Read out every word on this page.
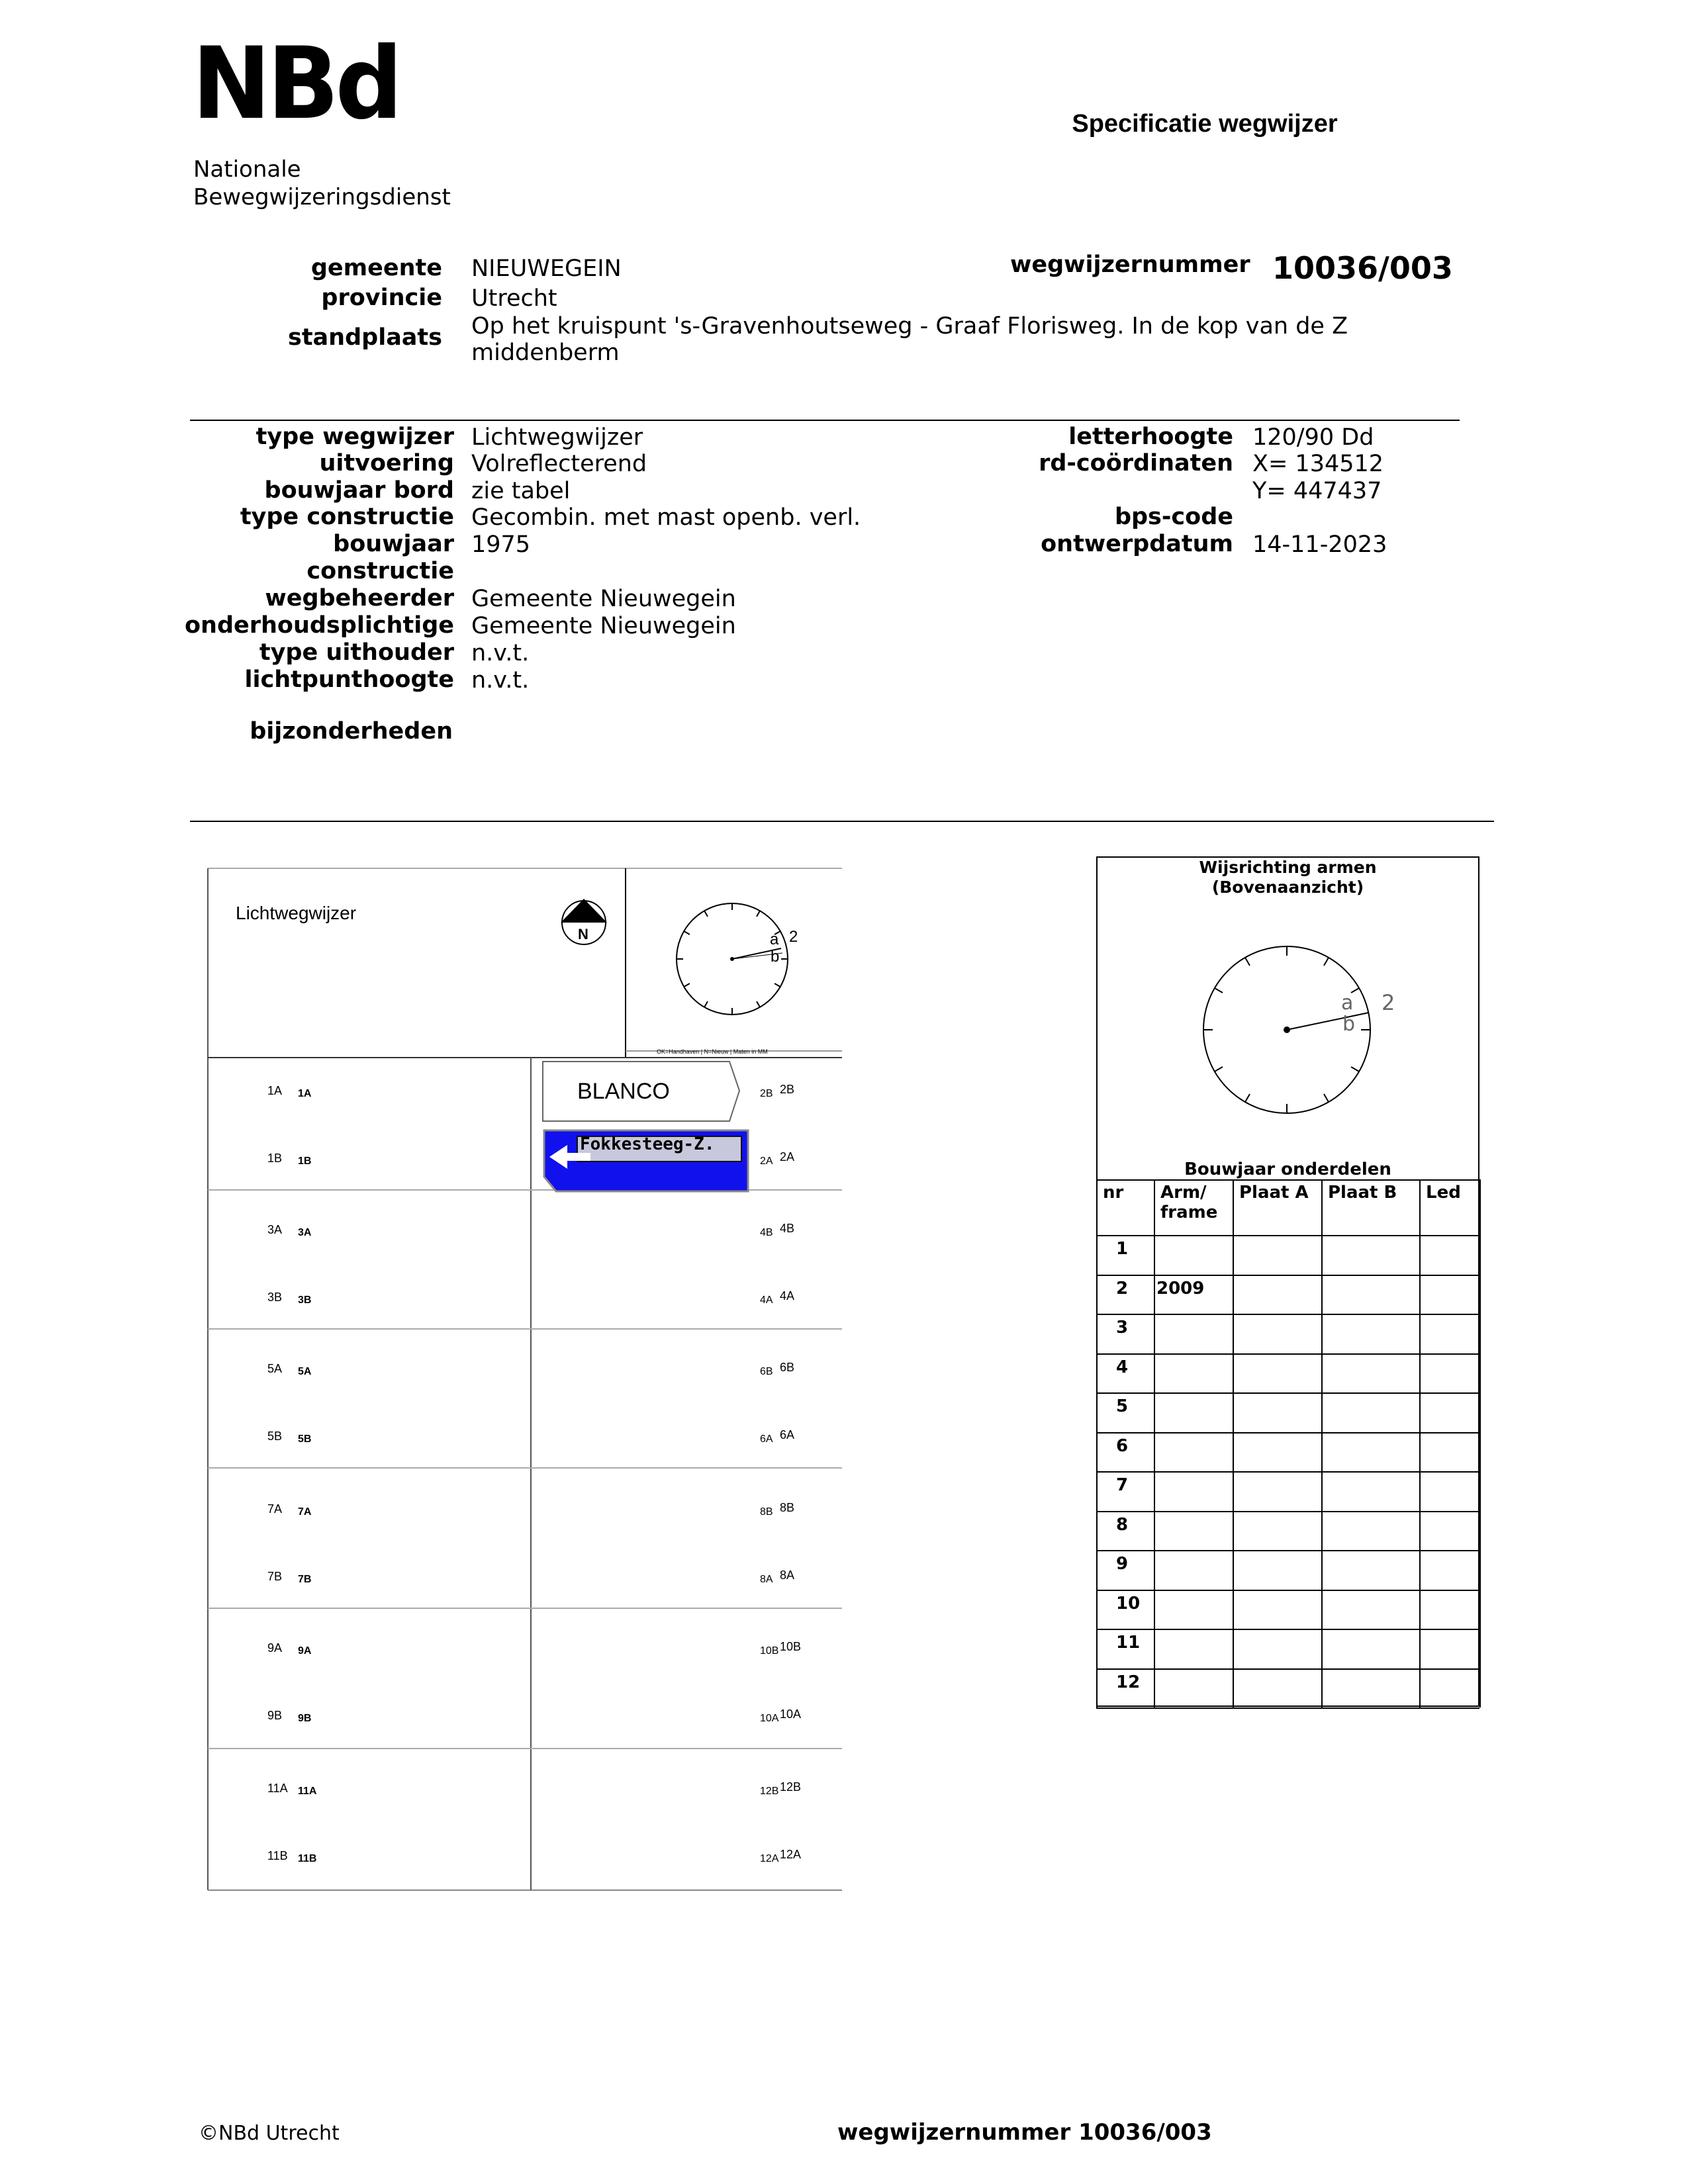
NBd
Nationale
Bewegwijzeringsdienst
Specificatie wegwijzer
gemeente NIEUWEGEIN
provincie Utrecht
standplaats Op het kruispunt 's-Gravenhoutseweg - Graaf Florisweg. In de kop van de Z
middenberm
wegwijzernummer 10036/003
type wegwijzer Lichtwegwijzer
uitvoering Volreflecterend
bouwjaar bord zie tabel
type constructie Gecombin. met mast openb. verl.
bouwjaar 1975
constructie
wegbeheerder Gemeente Nieuwegein
onderhoudsplichtige Gemeente Nieuwegein
type uithouder n.v.t.
lichtpunthoogte n.v.t.
bijzonderheden
letterhoogte 120/90 Dd
rd-coördinaten X= 134512
Y= 447437
bps-code
ontwerpdatum 14-11-2023
Lichtwegwijzer
N	a
b
2
OK=Handhaven | N=Nieuw | Maten in MM
BLANCO
Fokkesteeg-Z.
1A 1A
1B 1B
3A 3A
3B 3B
5A 5A
5B 5B
7A 7A
7B 7B
9A 9A
9B 9B
11A 11A
11B 11B
2B 2B
2A 2A
4B 4B
4A 4A
6B 6B
6A 6A
8B 8B
8A 8A
10B 10B
10A 10A
12B 12B
12A 12A
Wijsrichting armen
(Bovenaanzicht)
a
b
2
Bouwjaar onderdelen
nr Arm/
frame
Plaat A Plaat B Led
1
2 2009
3
4
5
6
7
8
9
10
11
12
©NBd Utrecht	wegwijzernummer 10036/003
